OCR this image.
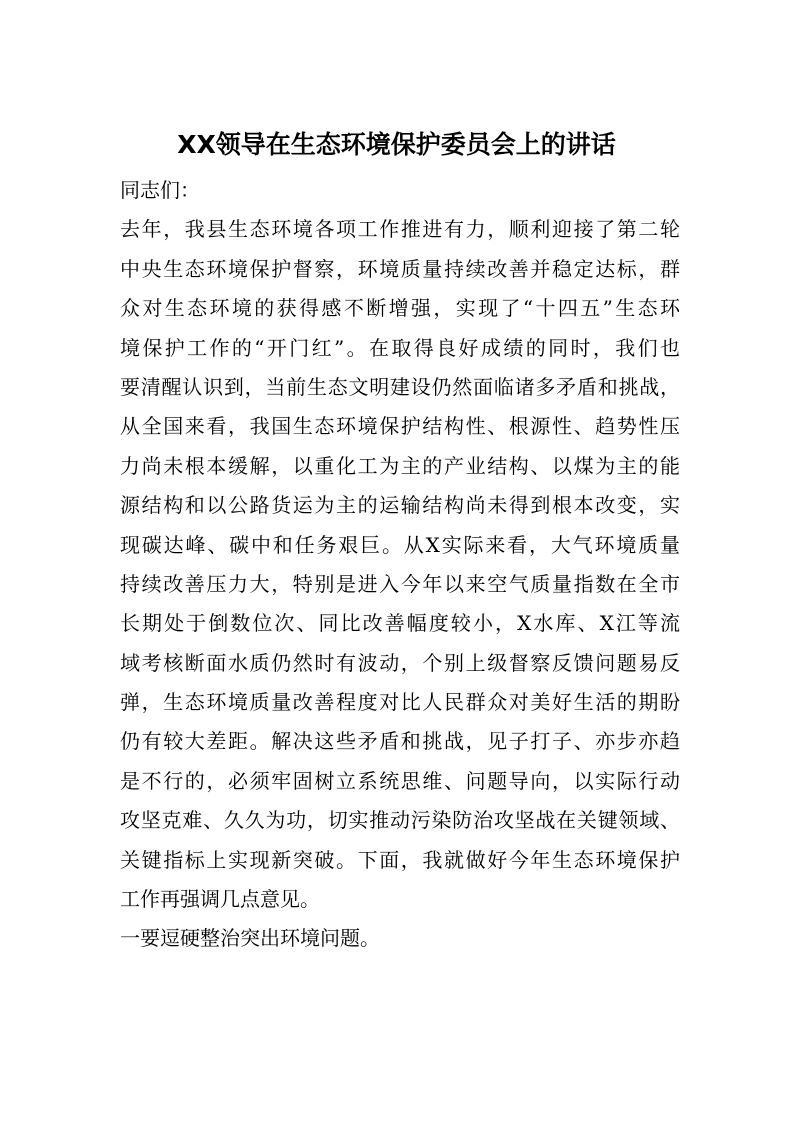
XX领导在生态环境保护委员会上的讲话
同志们：
去年，我县生态环境各项工作推进有力，顺利迎接了第二轮
中央生态环境保护督察，环境质量持续改善并稳定达标，群
众对生态环境的获得感不断增强，实现了“十四五”生态环
境保护工作的“开门红”。在取得良好成绩的同时，我们也
要清醒认识到，当前生态文明建设仍然面临诸多矛盾和挑战，
从全国来看，我国生态环境保护结构性、根源性、趋势性压
力尚未根本缓解，以重化工为主的产业结构、以煤为主的能
源结构和以公路货运为主的运输结构尚未得到根本改变，实
现碳达峰、碳中和任务艰巨。从X实际来看，大气环境质量
持续改善压力大，特别是进入今年以来空气质量指数在全市
长期处于倒数位次、同比改善幅度较小，X水库、X江等流
域考核断面水质仍然时有波动，个别上级督察反馈问题易反
弹，生态环境质量改善程度对比人民群众对美好生活的期盼
仍有较大差距。解决这些矛盾和挑战，见子打子、亦步亦趋
是不行的，必须牢固树立系统思维、问题导向，以实际行动
攻坚克难、久久为功，切实推动污染防治攻坚战在关键领域、
关键指标上实现新突破。下面，我就做好今年生态环境保护
工作再强调几点意见。
一要逗硬整治突出环境问题。
